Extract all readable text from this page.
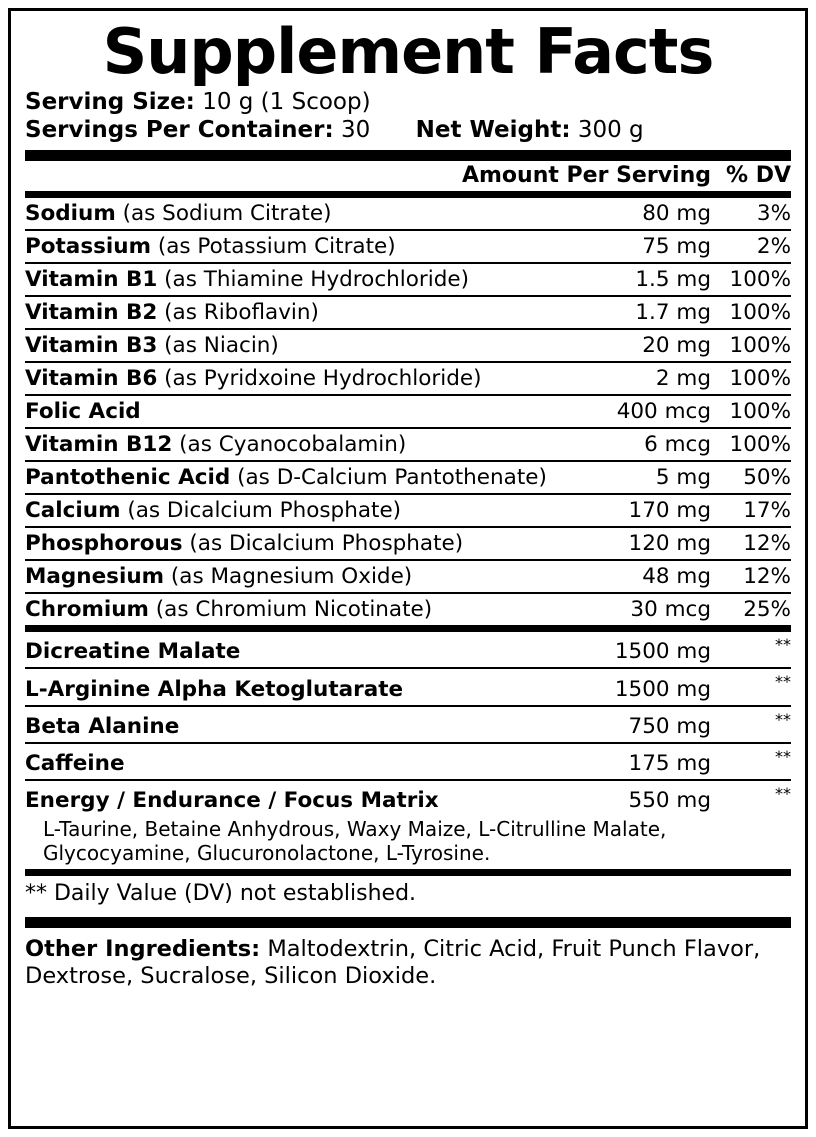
Supplement Facts
Serving Size: 10 g (1 Scoop)
Servings Per Container: 30 Net Weight: 300 g
	Amount Per Serving	% DV
Sodium (as Sodium Citrate)	80 mg	3%
Potassium (as Potassium Citrate)	75 mg	2%
Vitamin B1 (as Thiamine Hydrochloride)	1.5 mg	100%
Vitamin B2 (as Riboflavin)	1.7 mg	100%
Vitamin B3 (as Niacin)	20 mg	100%
Vitamin B6 (as Pyridxoine Hydrochloride)	2 mg	100%
Folic Acid	400 mcg	100%
Vitamin B12 (as Cyanocobalamin)	6 mcg	100%
Pantothenic Acid (as D-Calcium Pantothenate)	5 mg	50%
Calcium (as Dicalcium Phosphate)	170 mg	17%
Phosphorous (as Dicalcium Phosphate)	120 mg	12%
Magnesium (as Magnesium Oxide)	48 mg	12%
Chromium (as Chromium Nicotinate)	30 mcg	25%
Dicreatine Malate	1500 mg	**
L-Arginine Alpha Ketoglutarate	1500 mg	**
Beta Alanine	750 mg	**
Caffeine	175 mg	**
Energy / Endurance / Focus Matrix	550 mg	**
L-Taurine, Betaine Anhydrous, Waxy Maize, L-Citrulline Malate, Glycocyamine, Glucuronolactone, L-Tyrosine.
** Daily Value (DV) not established.
Other Ingredients: Maltodextrin, Citric Acid, Fruit Punch Flavor, Dextrose, Sucralose, Silicon Dioxide.
